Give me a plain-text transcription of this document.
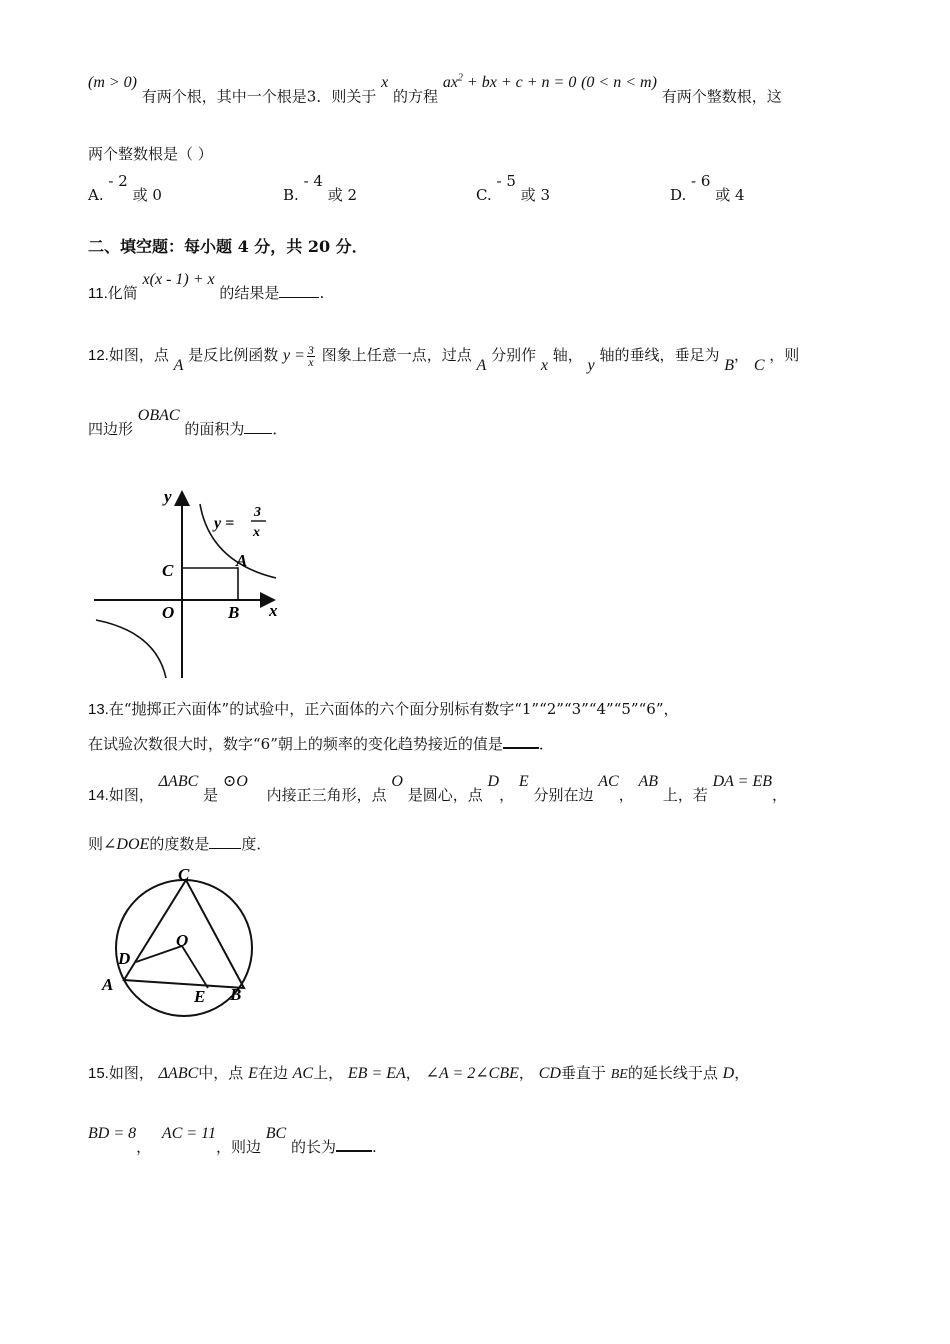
(m > 0) 有两个根，其中一个根是3．则关于 x 的方程 $ax^2$ + bx + c + n = 0 (0 < n < m) 有两个整数根，这
两个整数根是（ ）
A. - 2 或 0	B. - 4 或 2	C. - 5 或 3	D. - 6 或 4
二、填空题：每小题 4 分，共 20 分．
11.化简 x(x - 1) + x 的结果是	.
12.如图，点 A 是反比例函数 $y = \frac{3}{x}$ 图象上任意一点，过点 A 分别作 x 轴， y 轴的垂线，垂足为 B， C ，则
四边形 OBAC 的面积为 ．
y
x
C
A
B
O
y =
3
x
13.在“抛掷正六面体”的试验中，正六面体的六个面分别标有数字“1”“2”“3”“4”“5”“6”，
在试验次数很大时，数字“6”朝上的频率的变化趋势接近的值是 ．
14.如图， ΔABC 是 ⊙O 内接正三角形，点 O 是圆心，点 D， E 分别在边 AC， AB 上，若 DA = EB，
则∠DOE的度数是 度．
C
O
D
A
E B
15.如图， ΔABC中，点 E在边 AC上， EB = EA， ∠A = 2∠CBE， CD垂直于 BE的延长线于点 D，
BD = 8， AC = 11，则边 BC 的长为 .
